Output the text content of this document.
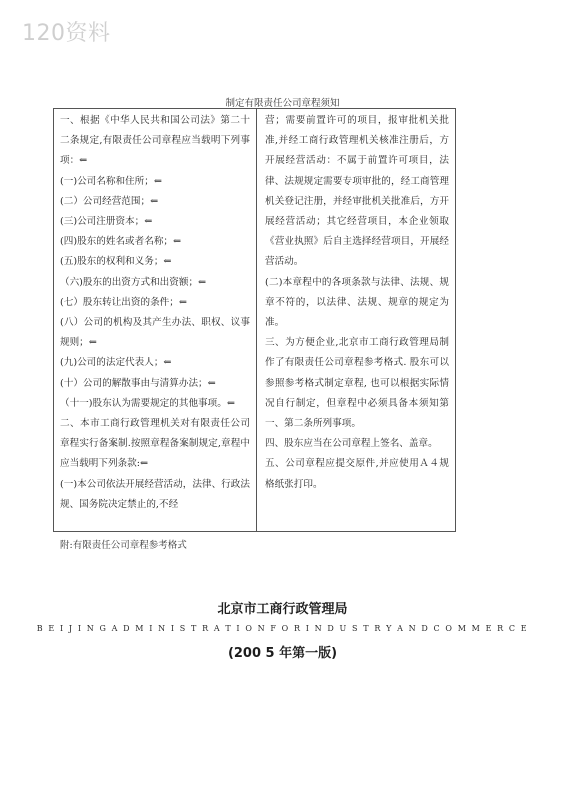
120资料
制定有限责任公司章程须知

一、根据《中华人民共和国公司法》第二十二条规定,有限责任公司章程应当载明下列事项：⇐

(一)公司名称和住所；⇐

(二）公司经营范围；⇐

(三)公司注册资本；⇐

(四)股东的姓名或者名称；⇐

(五)股东的权利和义务；⇐

（六)股东的出资方式和出资额；⇐

(七）股东转让出资的条件；⇐

(八）公司的机构及其产生办法、职权、议事规则；⇐

(九)公司的法定代表人；⇐

(十）公司的解散事由与清算办法；⇐

（十一)股东认为需要规定的其他事项。⇐

二、本市工商行政管理机关对有限责任公司章程实行备案制.按照章程备案制规定,章程中应当载明下列条款:⇐

(一)本公司依法开展经营活动，法律、行政法规、国务院决定禁止的,不经

营；需要前置许可的项目，报审批机关批准,并经工商行政管理机关核准注册后，方开展经营活动：不属于前置许可项目，法律、法规规定需要专项审批的，经工商管理机关登记注册，并经审批机关批准后，方开展经营活动；其它经营项目，本企业领取《营业执照》后自主选择经营项目，开展经营活动。

(二)本章程中的各项条款与法律、法规、规章不符的，以法律、法规、规章的规定为准。

三、为方便企业,北京市工商行政管理局制作了有限责任公司章程参考格式. 股东可以参照参考格式制定章程, 也可以根据实际情况自行制定，但章程中必须具备本须知第一、第二条所列事项。

四、股东应当在公司章程上签名、盖章。

五、公司章程应提交原件,并应使用Ａ４规格纸张打印。

附:有限责任公司章程参考格式
北京市工商行政管理局
B E I J I N G A D M I N I S T R A T I O N F O R I N D U S T R Y A N D C O M M E R C E
(200 5 年第一版)
